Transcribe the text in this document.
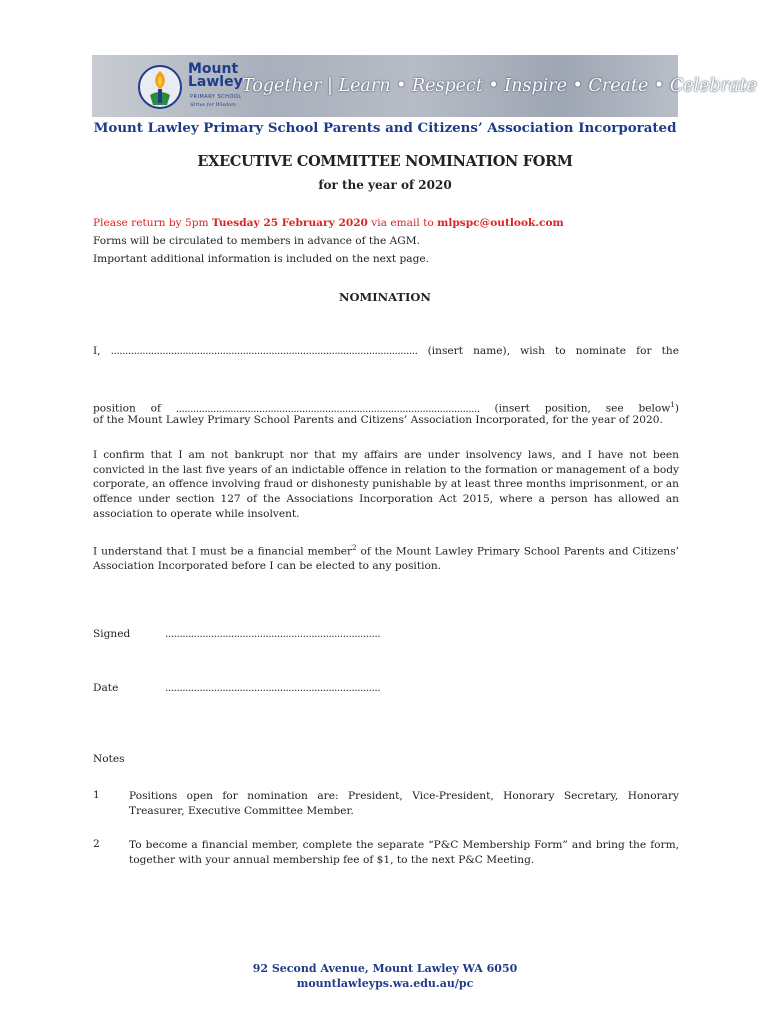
Mount
Lawley
PRIMARY SCHOOL
Strive for Wisdom
Together | Learn • Respect • Inspire • Create • Celebrate
Mount Lawley Primary School Parents and Citizens’ Association Incorporated
EXECUTIVE COMMITTEE NOMINATION FORM
for the year of 2020
Please return by 5pm Tuesday 25 February 2020 via email to mlpspc@outlook.com
Forms will be circulated to members in advance of the AGM.
Important additional information is included on the next page.
NOMINATION
I, ........................................................................................................... (insert name), wish to nominate for the
position of .......................................................................................................... (insert position, see below$^1$)
of the Mount Lawley Primary School Parents and Citizens’ Association Incorporated, for the year of 2020.
I confirm that I am not bankrupt nor that my affairs are under insolvency laws, and I have not been convicted in the last five years of an indictable offence in relation to the formation or management of a body corporate, an offence involving fraud or dishonesty punishable by at least three months imprisonment, or an offence under section 127 of the Associations Incorporation Act 2015, where a person has allowed an association to operate while insolvent.
I understand that I must be a financial member$^2$ of the Mount Lawley Primary School Parents and Citizens’ Association Incorporated before I can be elected to any position.
Signed	...........................................................................
Date	...........................................................................
Notes
1	Positions open for nomination are: President, Vice-President, Honorary Secretary, Honorary Treasurer, Executive Committee Member.
2	To become a financial member, complete the separate “P&C Membership Form” and bring the form, together with your annual membership fee of $1, to the next P&C Meeting.
92 Second Avenue, Mount Lawley WA 6050
mountlawleyps.wa.edu.au/pc
